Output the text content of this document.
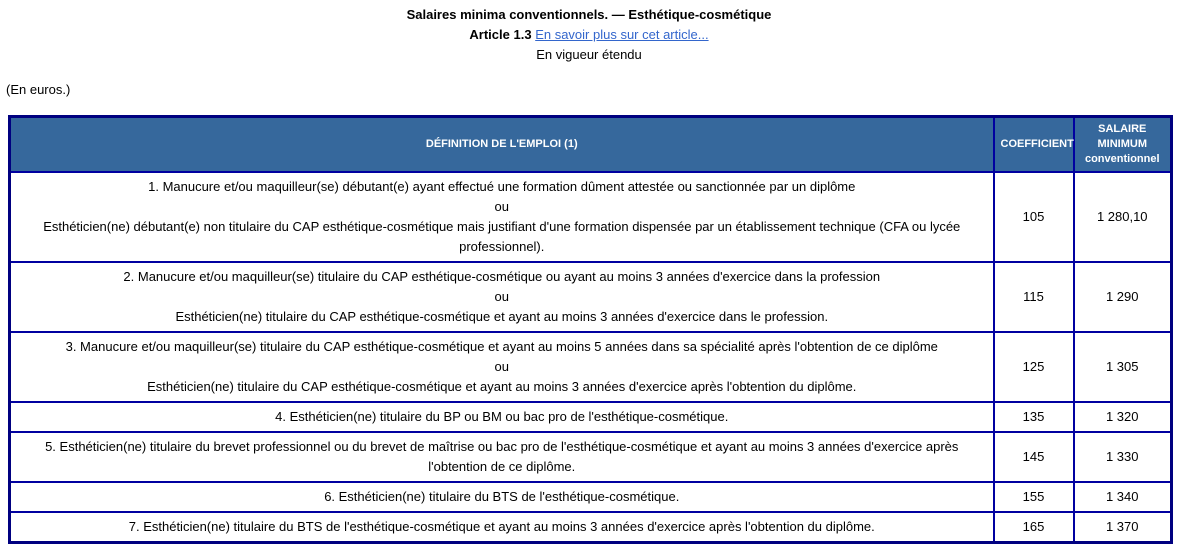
Salaires minima conventionnels. — Esthétique-cosmétique
Article 1.3 En savoir plus sur cet article...
En vigueur étendu
(En euros.)
DÉFINITION DE L'EMPLOI (1)	COEFFICIENT	SALAIRE
MINIMUM
conventionnel

1. Manucure et/ou maquilleur(se) débutant(e) ayant effectué une formation dûment attestée ou sanctionnée par un diplôme
ou
Esthéticien(ne) débutant(e) non titulaire du CAP esthétique-cosmétique mais justifiant d'une formation dispensée par un établissement technique (CFA ou lycée professionnel).	105	1 280,10

2. Manucure et/ou maquilleur(se) titulaire du CAP esthétique-cosmétique ou ayant au moins 3 années d'exercice dans la profession
ou
Esthéticien(ne) titulaire du CAP esthétique-cosmétique et ayant au moins 3 années d'exercice dans le profession.	115	1 290

3. Manucure et/ou maquilleur(se) titulaire du CAP esthétique-cosmétique et ayant au moins 5 années dans sa spécialité après l'obtention de ce diplôme
ou
Esthéticien(ne) titulaire du CAP esthétique-cosmétique et ayant au moins 3 années d'exercice après l'obtention du diplôme.	125	1 305

4. Esthéticien(ne) titulaire du BP ou BM ou bac pro de l'esthétique-cosmétique.	135	1 320

5. Esthéticien(ne) titulaire du brevet professionnel ou du brevet de maîtrise ou bac pro de l'esthétique-cosmétique et ayant au moins 3 années d'exercice après l'obtention de ce diplôme.	145	1 330

6. Esthéticien(ne) titulaire du BTS de l'esthétique-cosmétique.	155	1 340

7. Esthéticien(ne) titulaire du BTS de l'esthétique-cosmétique et ayant au moins 3 années d'exercice après l'obtention du diplôme.	165	1 370
